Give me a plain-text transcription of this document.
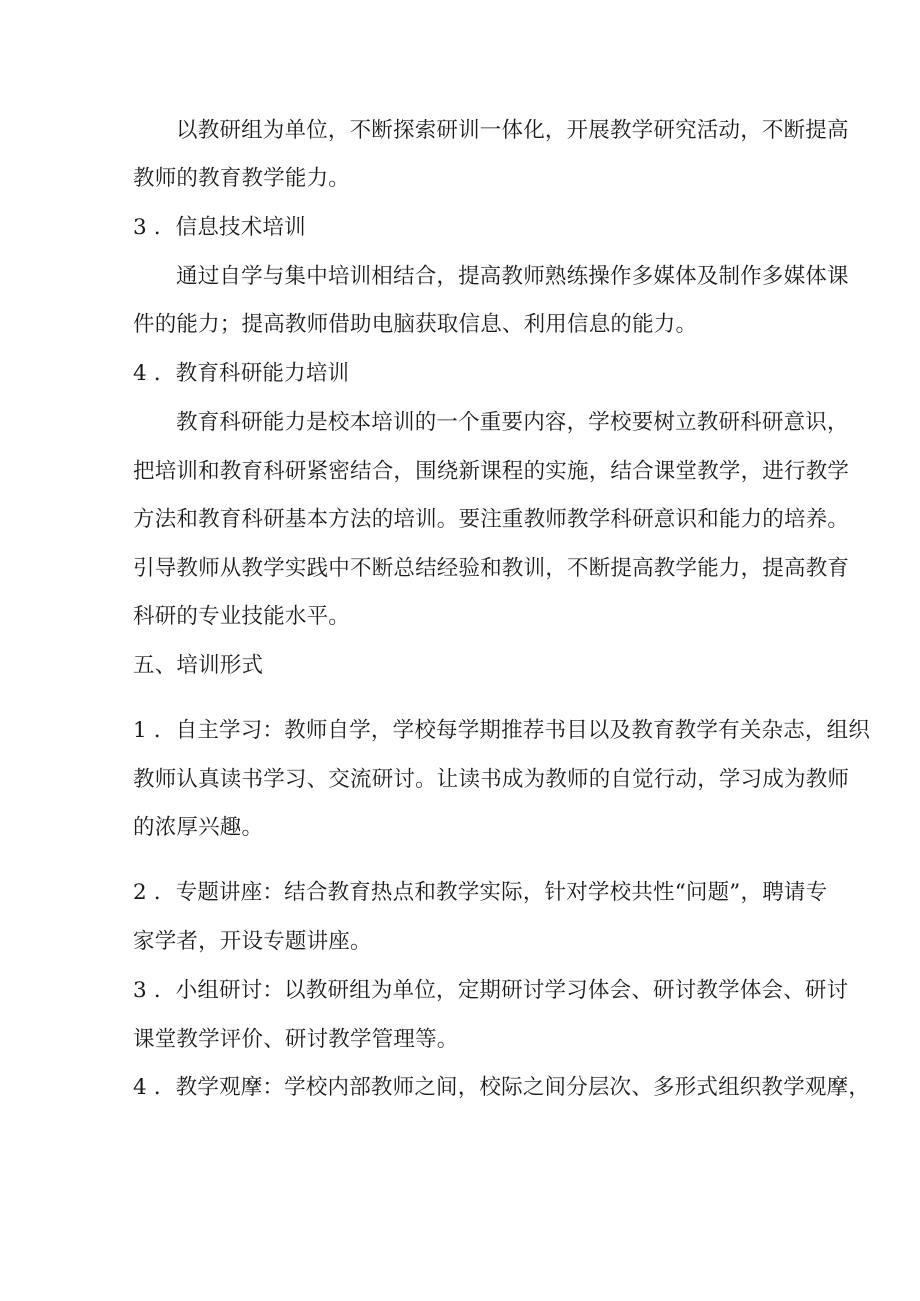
以教研组为单位，不断探索研训一体化，开展教学研究活动，不断提高
教师的教育教学能力。
3 ．信息技术培训
通过自学与集中培训相结合，提高教师熟练操作多媒体及制作多媒体课
件的能力；提高教师借助电脑获取信息、利用信息的能力。
4 ．教育科研能力培训
教育科研能力是校本培训的一个重要内容，学校要树立教研科研意识，
把培训和教育科研紧密结合，围绕新课程的实施，结合课堂教学，进行教学
方法和教育科研基本方法的培训。要注重教师教学科研意识和能力的培养。
引导教师从教学实践中不断总结经验和教训，不断提高教学能力，提高教育
科研的专业技能水平。
五、培训形式
1 ．自主学习：教师自学，学校每学期推荐书目以及教育教学有关杂志，组织
教师认真读书学习、交流研讨。让读书成为教师的自觉行动，学习成为教师
的浓厚兴趣。
2 ．专题讲座：结合教育热点和教学实际，针对学校共性“问题”，聘请专
家学者，开设专题讲座。
3 ．小组研讨：以教研组为单位，定期研讨学习体会、研讨教学体会、研讨
课堂教学评价、研讨教学管理等。
4 ．教学观摩：学校内部教师之间，校际之间分层次、多形式组织教学观摩，
